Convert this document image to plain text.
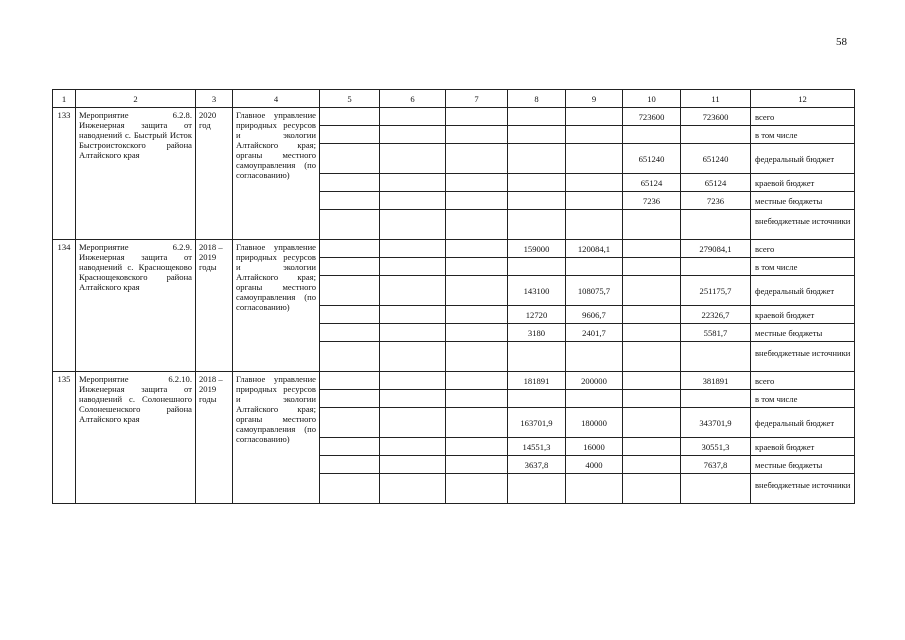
58
1	2	3	4	5	6	7	8	9	10	11	12
133	Мероприятие 6.2.8. Инженерная защита от наводнений с. Быстрый Исток Быстроистокского района Алтайского края	2020 год	Главное управление природных ресурсов и экологии Алтайского края; органы местного самоуправления (по согласованию)						723600	723600	всего
											в том числе
									651240	651240	федеральный бюджет
									65124	65124	краевой бюджет
									7236	7236	местные бюджеты
											внебюджетные источники
134	Мероприятие 6.2.9. Инженерная защита от наводнений с. Краснощеково Краснощековского района Алтайского края	2018 – 2019 годы	Главное управление природных ресурсов и экологии Алтайского края; органы местного самоуправления (по согласованию)				159000	120084,1		279084,1	всего
											в том числе
							143100	108075,7		251175,7	федеральный бюджет
							12720	9606,7		22326,7	краевой бюджет
							3180	2401,7		5581,7	местные бюджеты
											внебюджетные источники
135	Мероприятие 6.2.10. Инженерная защита от наводнений с. Солонешного Солонешенского района Алтайского края	2018 – 2019 годы	Главное управление природных ресурсов и экологии Алтайского края; органы местного самоуправления (по согласованию)				181891	200000		381891	всего
											в том числе
							163701,9	180000		343701,9	федеральный бюджет
							14551,3	16000		30551,3	краевой бюджет
							3637,8	4000		7637,8	местные бюджеты
											внебюджетные источники
